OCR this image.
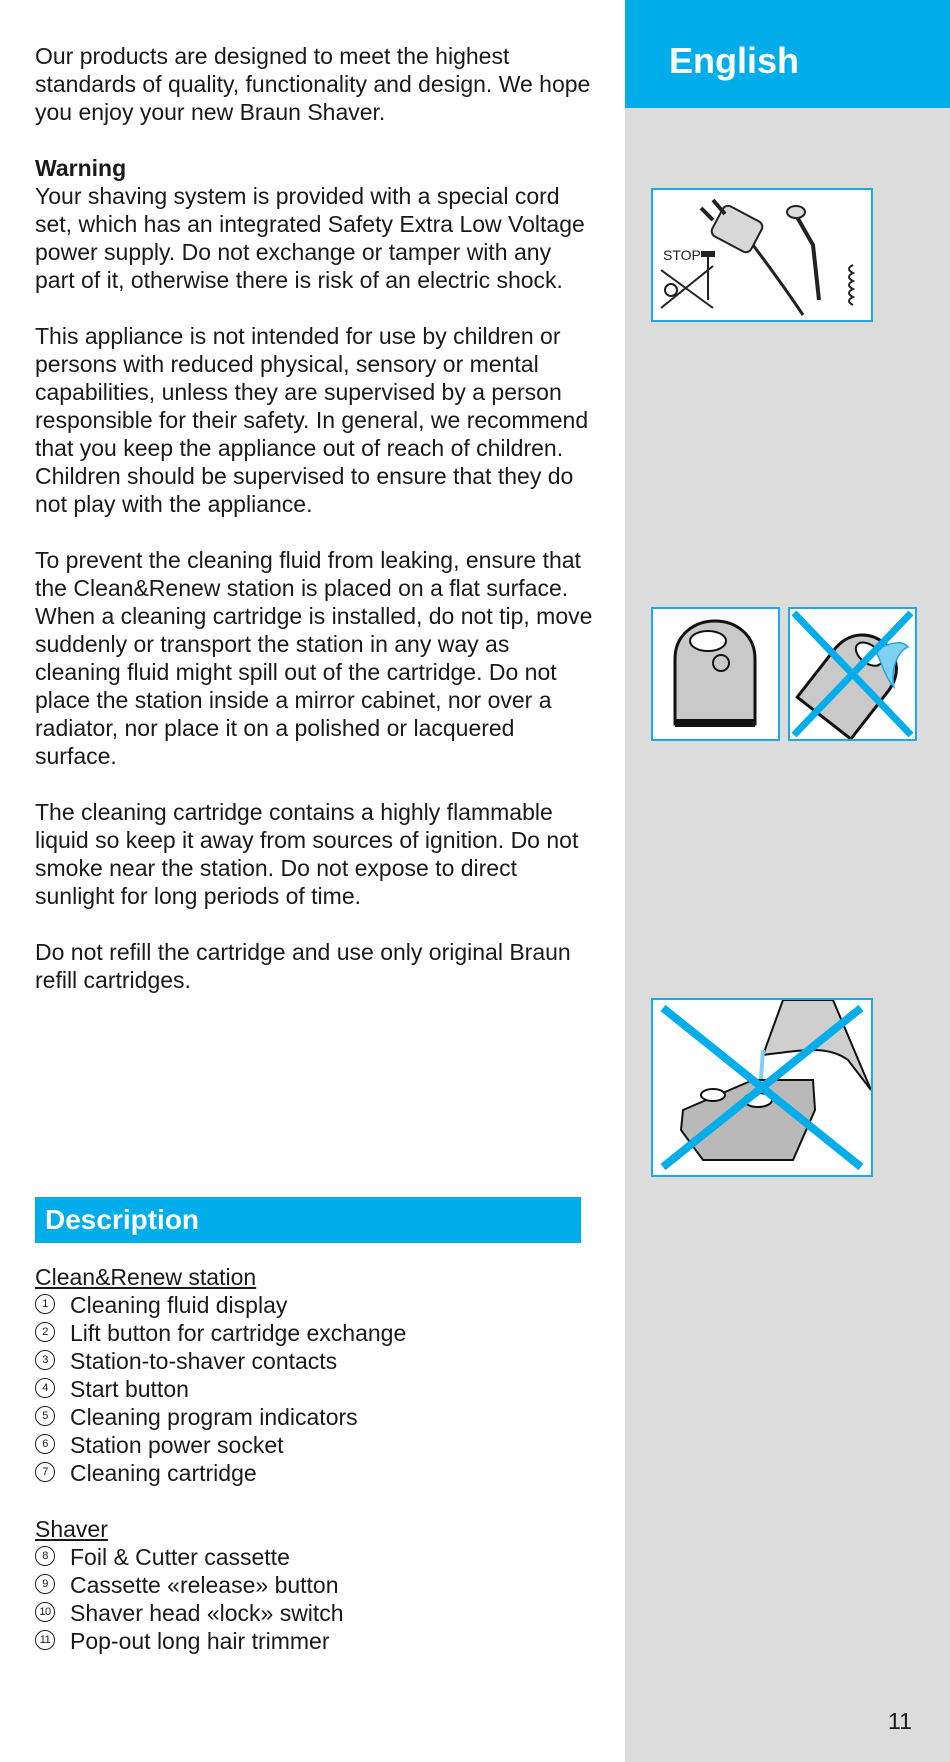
English

Our products are designed to meet the highest standards of quality, functionality and design. We hope you enjoy your new Braun Shaver.

Warning

Your shaving system is provided with a special cord set, which has an integrated Safety Extra Low Voltage power supply. Do not exchange or tamper with any part of it, otherwise there is risk of an electric shock.

This appliance is not intended for use by children or persons with reduced physical, sensory or mental capabilities, unless they are supervised by a person responsible for their safety. In general, we recommend that you keep the appliance out of reach of children. Children should be supervised to ensure that they do not play with the appliance.

To prevent the cleaning fluid from leaking, ensure that the Clean&Renew station is placed on a flat surface. When a cleaning cartridge is installed, do not tip, move suddenly or transport the station in any way as cleaning fluid might spill out of the cartridge. Do not place the station inside a mirror cabinet, nor over a radiator, nor place it on a polished or lacquered surface.

The cleaning cartridge contains a highly flammable liquid so keep it away from sources of ignition. Do not smoke near the station. Do not expose to direct sunlight for long periods of time.

Do not refill the cartridge and use only original Braun refill cartridges.

Description

Clean&Renew station

1 Cleaning fluid display
2 Lift button for cartridge exchange
3 Station-to-shaver contacts
4 Start button
5 Cleaning program indicators
6 Station power socket
7 Cleaning cartridge

Shaver

8 Foil & Cutter cassette
9 Cassette «release» button
10 Shaver head «lock» switch
11 Pop-out long hair trimmer
STOP
11
